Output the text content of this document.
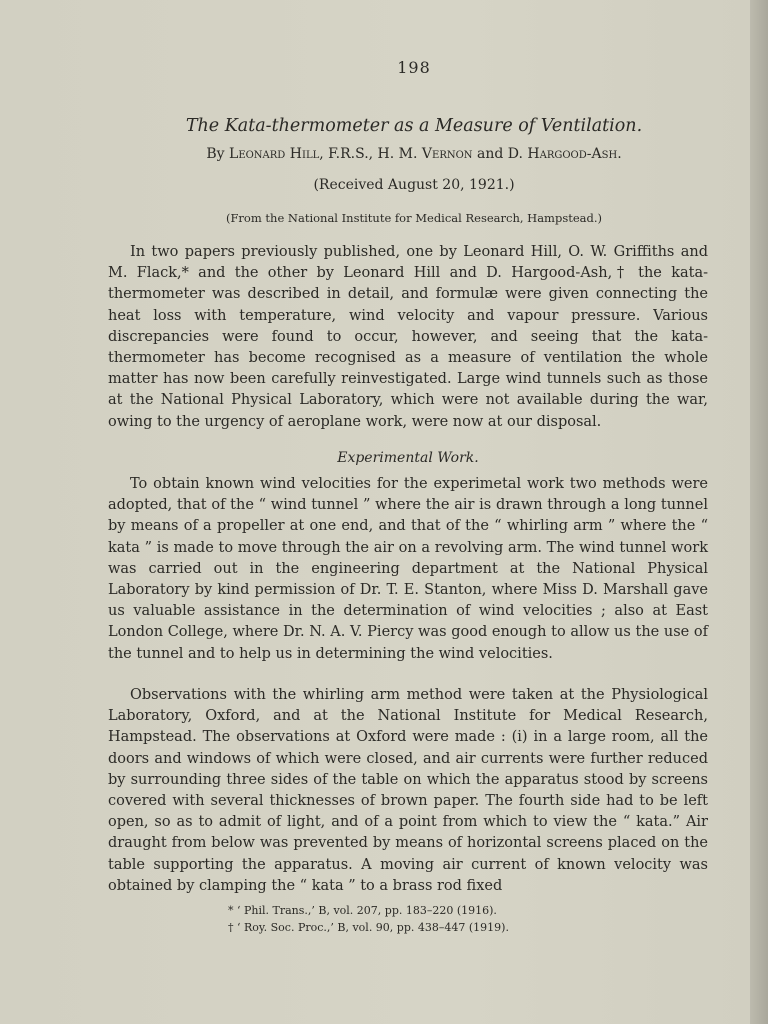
198
The Kata-thermometer as a Measure of Ventilation.
By Leonard Hill, F.R.S., H. M. Vernon and D. Hargood-Ash.
(Received August 20, 1921.)
(From the National Institute for Medical Research, Hampstead.)

In two papers previously published, one by Leonard Hill, O. W. Griffiths and M. Flack,* and the other by Leonard Hill and D. Hargood-Ash,† the kata-thermometer was described in detail, and formulæ were given connecting the heat loss with temperature, wind velocity and vapour pressure. Various discrepancies were found to occur, however, and seeing that the kata-thermometer has become recognised as a measure of ventilation the whole matter has now been carefully reinvestigated. Large wind tunnels such as those at the National Physical Laboratory, which were not available during the war, owing to the urgency of aeroplane work, were now at our disposal.

Experimental Work.

To obtain known wind velocities for the experimetal work two methods were adopted, that of the “ wind tunnel ” where the air is drawn through a long tunnel by means of a propeller at one end, and that of the “ whirling arm ” where the “ kata ” is made to move through the air on a revolving arm. The wind tunnel work was carried out in the engineering department at the National Physical Laboratory by kind permission of Dr. T. E. Stanton, where Miss D. Marshall gave us valuable assistance in the determination of wind velocities ; also at East London College, where Dr. N. A. V. Piercy was good enough to allow us the use of the tunnel and to help us in determining the wind velocities.

Observations with the whirling arm method were taken at the Physiological Laboratory, Oxford, and at the National Institute for Medical Research, Hampstead. The observations at Oxford were made : (i) in a large room, all the doors and windows of which were closed, and air currents were further reduced by surrounding three sides of the table on which the apparatus stood by screens covered with several thicknesses of brown paper. The fourth side had to be left open, so as to admit of light, and of a point from which to view the “ kata.” Air draught from below was prevented by means of horizontal screens placed on the table supporting the apparatus. A moving air current of known velocity was obtained by clamping the “ kata ” to a brass rod fixed

* ‘ Phil. Trans.,’ B, vol. 207, pp. 183–220 (1916).
† ‘ Roy. Soc. Proc.,’ B, vol. 90, pp. 438–447 (1919).
